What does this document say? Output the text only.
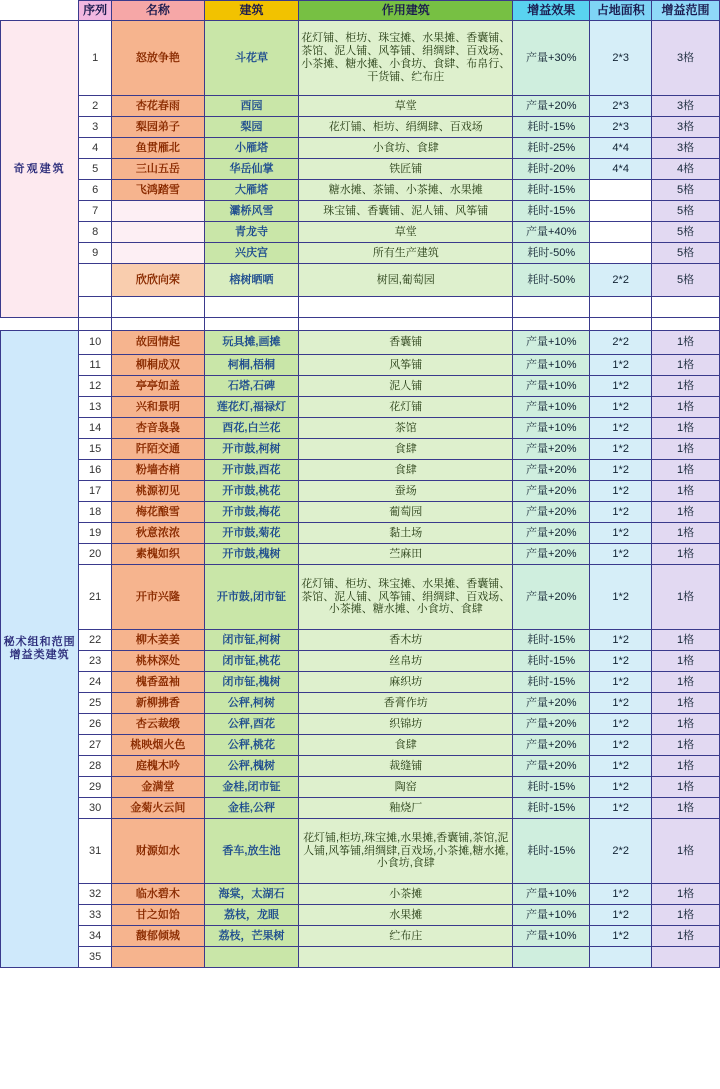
	序列	名称	建筑	作用建筑	增益效果	占地面积	增益范围
奇观建筑	1	怒放争艳	斗花草	花灯铺、柜坊、珠宝摊、水果摊、香囊铺、茶馆、泥人铺、风筝铺、绢绸肆、百戏场、小茶摊、糖水摊、小食坊、食肆、布帛行、干货铺、纻布庄	产量+30%	2*3	3格
	2	杏花春雨	酉园	草堂	产量+20%	2*3	3格
	3	梨园弟子	梨园	花灯铺、柜坊、绢绸肆、百戏场	耗时-15%	2*3	3格
	4	鱼贯雁北	小雁塔	小食坊、食肆	耗时-25%	4*4	3格
	5	三山五岳	华岳仙掌	铁匠铺	耗时-20%	4*4	4格
	6	飞鸿踏雪	大雁塔	糖水摊、茶铺、小茶摊、水果摊	耗时-15%		5格
	7		灞桥风雪	珠宝铺、香囊铺、泥人铺、风筝铺	耗时-15%		5格
	8		青龙寺	草堂	产量+40%		5格
	9		兴庆宫	所有生产建筑	耗时-50%		5格
		欣欣向荣	榕树晒哂	树园,葡萄园	耗时-50%	2*2	5格

秘术组和范围增益类建筑	10	故园情起	玩具摊,画摊	香囊铺	产量+10%	2*2	1格
	11	柳桐成双	柯桐,梧桐	风筝铺	产量+10%	1*2	1格
	12	亭亭如盖	石塔,石碑	泥人铺	产量+10%	1*2	1格
	13	兴和景明	莲花灯,福禄灯	花灯铺	产量+10%	1*2	1格
	14	杏音袅袅	酉花,白兰花	茶馆	产量+10%	1*2	1格
	15	阡陌交通	开市鼓,柯树	食肆	产量+20%	1*2	1格
	16	粉墙杏梢	开市鼓,酉花	食肆	产量+20%	1*2	1格
	17	桃源初见	开市鼓,桃花	蚕场	产量+20%	1*2	1格
	18	梅花酿雪	开市鼓,梅花	葡萄园	产量+20%	1*2	1格
	19	秋意浓浓	开市鼓,菊花	黏土场	产量+20%	1*2	1格
	20	素槐如织	开市鼓,槐树	苎麻田	产量+20%	1*2	1格
	21	开市兴隆	开市鼓,闭市钲	花灯铺、柜坊、珠宝摊、水果摊、香囊铺、茶馆、泥人铺、风筝铺、绢绸肆、百戏场、小茶摊、糖水摊、小食坊、食肆	产量+20%	1*2	1格
	22	柳木姜姜	闭市钲,柯树	香木坊	耗时-15%	1*2	1格
	23	桃林深处	闭市钲,桃花	丝帛坊	耗时-15%	1*2	1格
	24	槐香盈袖	闭市钲,槐树	麻织坊	耗时-15%	1*2	1格
	25	新柳拂香	公秤,柯树	香膏作坊	产量+20%	1*2	1格
	26	杏云裁缎	公秤,酉花	织锦坊	产量+20%	1*2	1格
	27	桃映烟火色	公秤,桃花	食肆	产量+20%	1*2	1格
	28	庭槐木吟	公秤,槐树	裁缝铺	产量+20%	1*2	1格
	29	金满堂	金桂,闭市钲	陶窑	耗时-15%	1*2	1格
	30	金菊火云间	金桂,公秤	釉烧厂	耗时-15%	1*2	1格
	31	财源如水	香车,放生池	花灯铺,柜坊,珠宝摊,水果摊,香囊铺,茶馆,泥人铺,风筝铺,绢绸肆,百戏场,小茶摊,糖水摊,小食坊,食肆	耗时-15%	2*2	1格
	32	临水碧木	海棠，太湖石	小茶摊	产量+10%	1*2	1格
	33	甘之如饴	荔枝，龙眼	水果摊	产量+10%	1*2	1格
	34	馥郁倾城	荔枝，芒果树	纻布庄	产量+10%	1*2	1格
	35						
